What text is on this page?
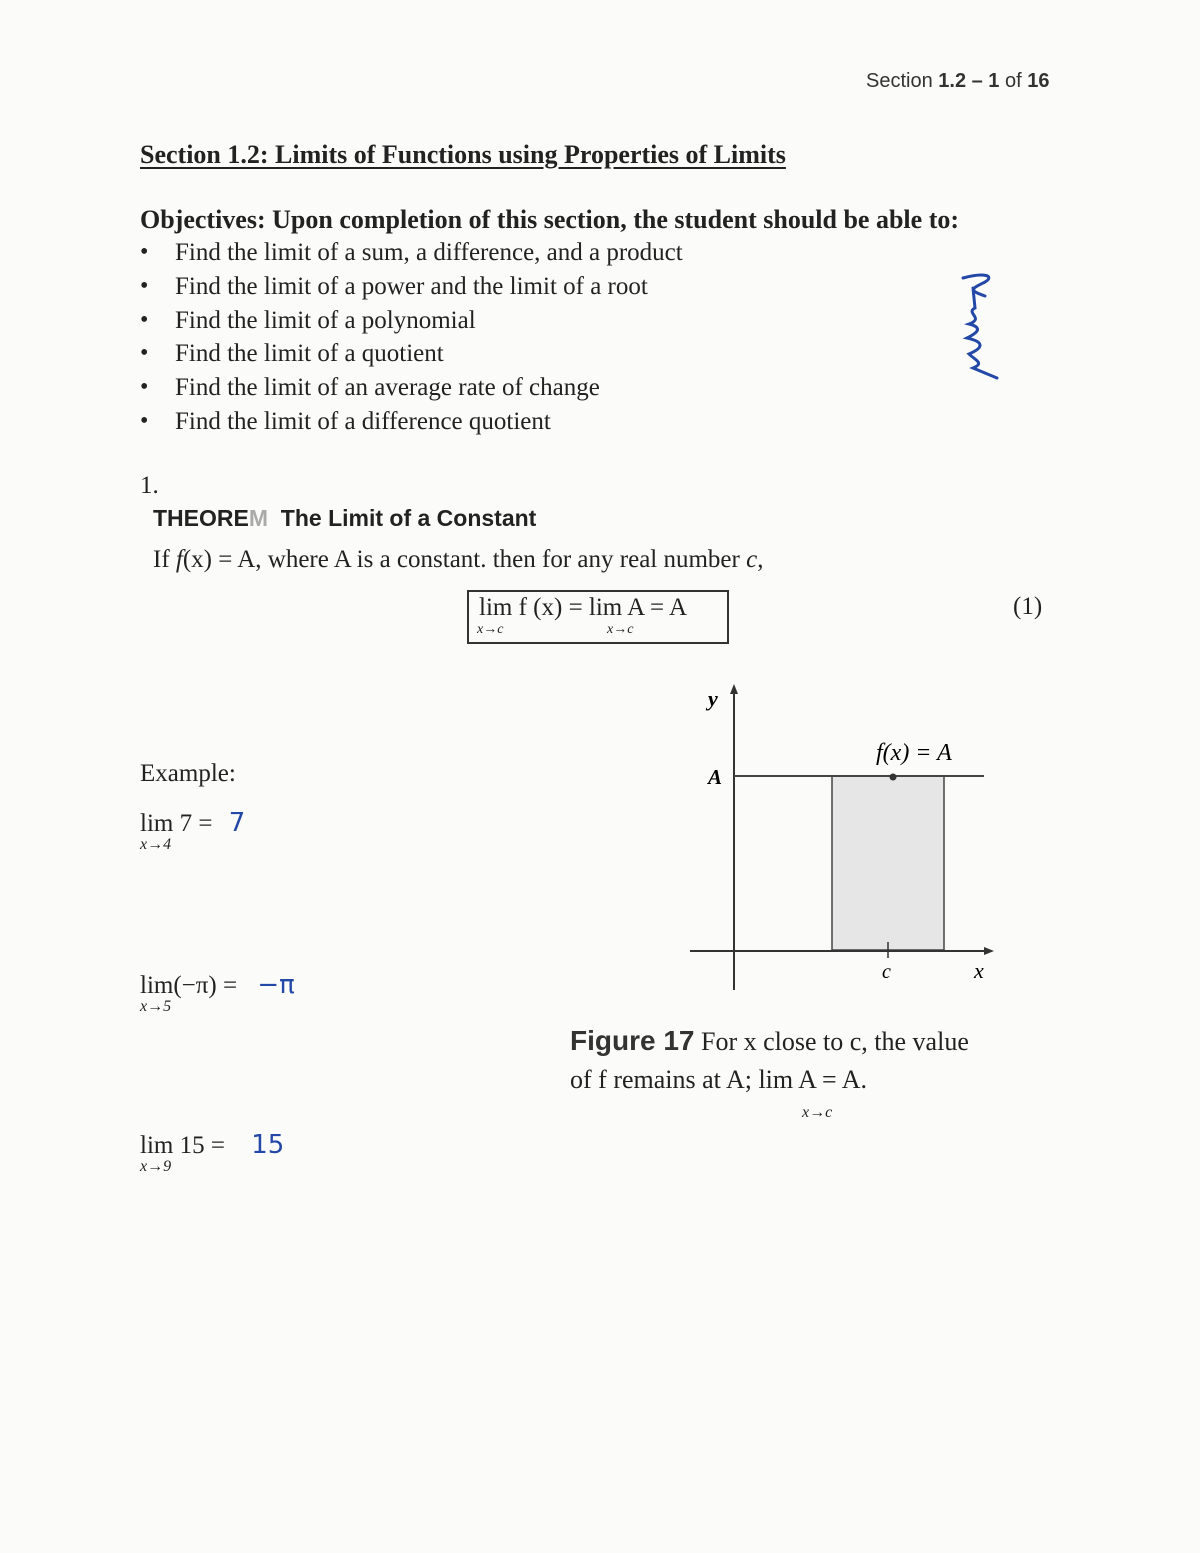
Section 1.2 – 1 of 16
Section 1.2: Limits of Functions using Properties of Limits
Objectives: Upon completion of this section, the student should be able to:
• Find the limit of a sum, a difference, and a product
• Find the limit of a power and the limit of a root
• Find the limit of a polynomial
• Find the limit of a quotient
• Find the limit of an average rate of change
• Find the limit of a difference quotient
1.
THEOREM The Limit of a Constant
If f(x) = A, where A is a constant. then for any real number c,
lim f (x) = lim A = A
x→c	x→c
(1)
Example:
lim 7 = 7
x→4
lim(−π) = −π
x→5
lim 15 = 15
x→9
y
A
f(x) = A
c	x
Figure 17 For x close to c, the value
of f remains at A; lim A = A.
x→c
